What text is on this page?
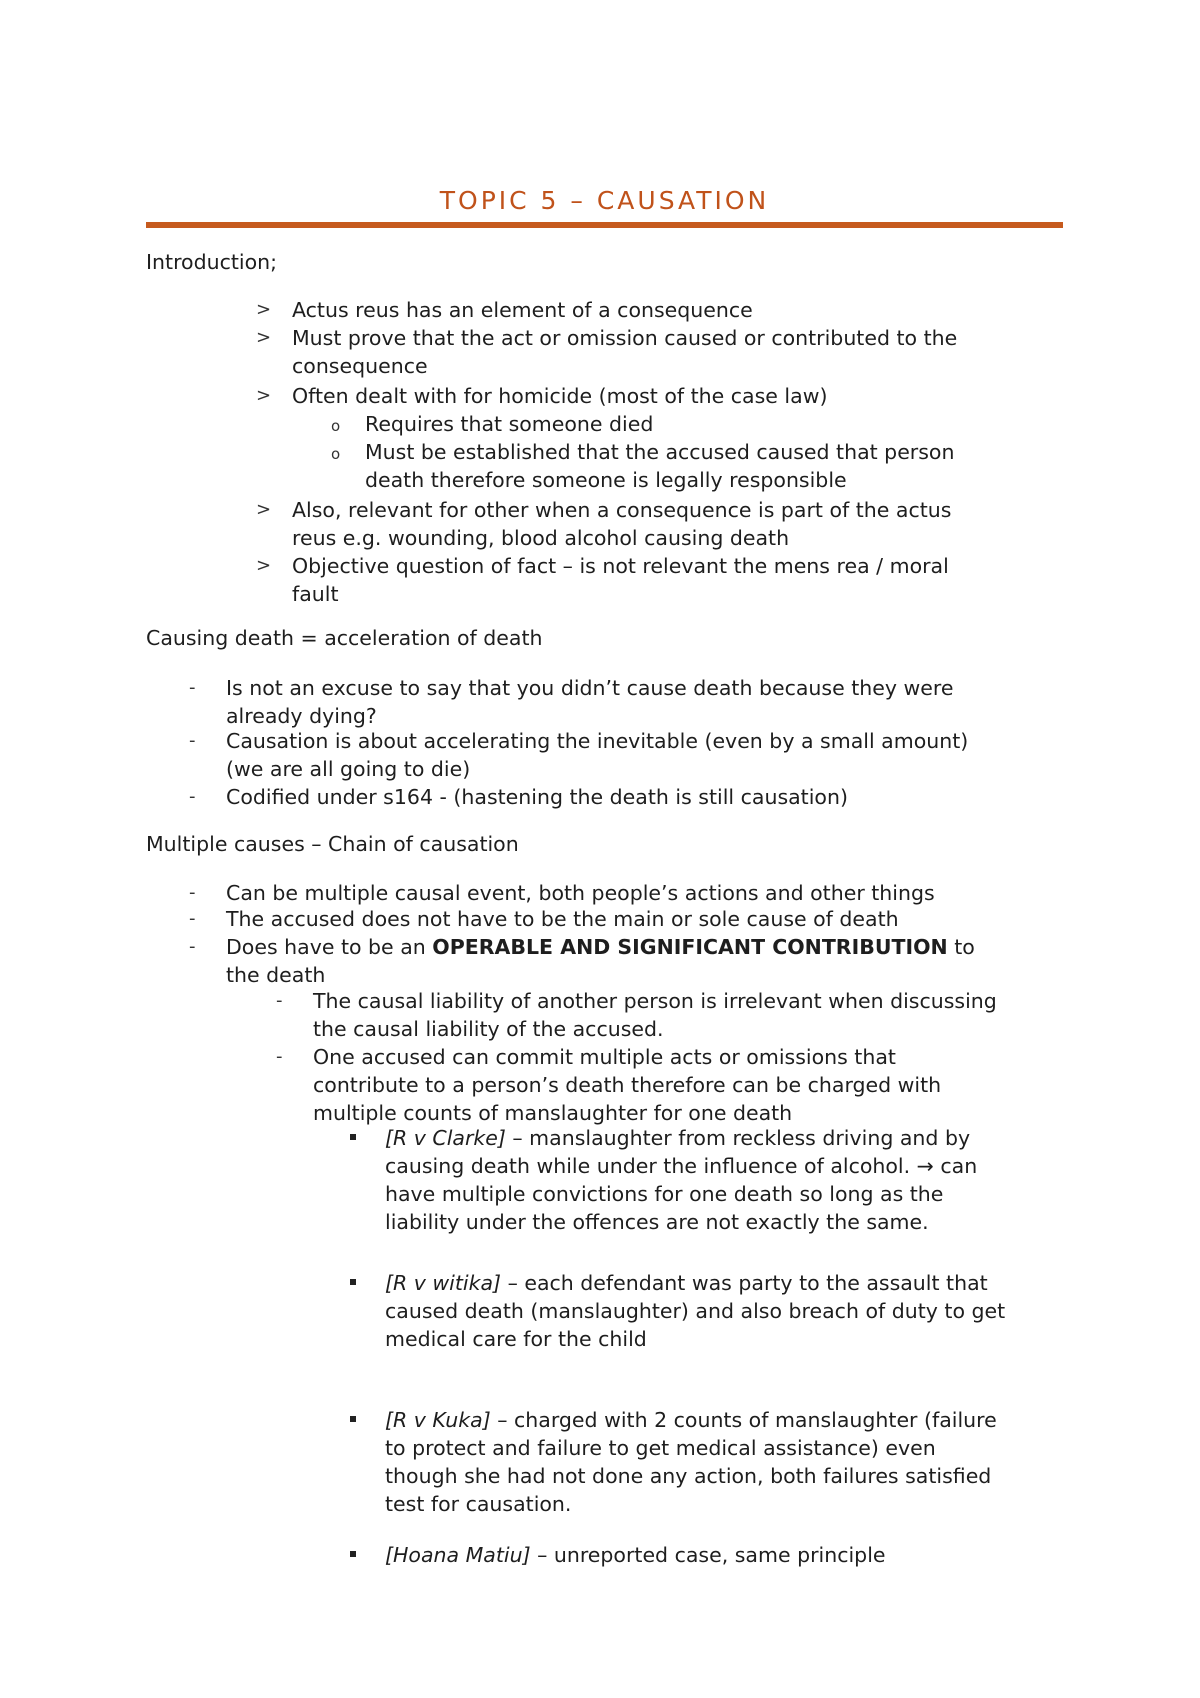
TOPIC 5 – CAUSATION
Introduction;
> Actus reus has an element of a consequence
> Must prove that the act or omission caused or contributed to the
consequence
> Often dealt with for homicide (most of the case law)
o Requires that someone died
o Must be established that the accused caused that person
death therefore someone is legally responsible
> Also, relevant for other when a consequence is part of the actus
reus e.g. wounding, blood alcohol causing death
> Objective question of fact – is not relevant the mens rea / moral
fault
Causing death = acceleration of death
- Is not an excuse to say that you didn’t cause death because they were
already dying?
- Causation is about accelerating the inevitable (even by a small amount)
(we are all going to die)
- Codified under s164 - (hastening the death is still causation)
Multiple causes – Chain of causation
- Can be multiple causal event, both people’s actions and other things
- The accused does not have to be the main or sole cause of death
- Does have to be an OPERABLE AND SIGNIFICANT CONTRIBUTION to
the death
- The causal liability of another person is irrelevant when discussing
the causal liability of the accused.
- One accused can commit multiple acts or omissions that
contribute to a person’s death therefore can be charged with
multiple counts of manslaughter for one death
[R v Clarke] – manslaughter from reckless driving and by
causing death while under the influence of alcohol. → can
have multiple convictions for one death so long as the
liability under the offences are not exactly the same.
[R v witika] – each defendant was party to the assault that
caused death (manslaughter) and also breach of duty to get
medical care for the child
[R v Kuka] – charged with 2 counts of manslaughter (failure
to protect and failure to get medical assistance) even
though she had not done any action, both failures satisfied
test for causation.
[Hoana Matiu] – unreported case, same principle
